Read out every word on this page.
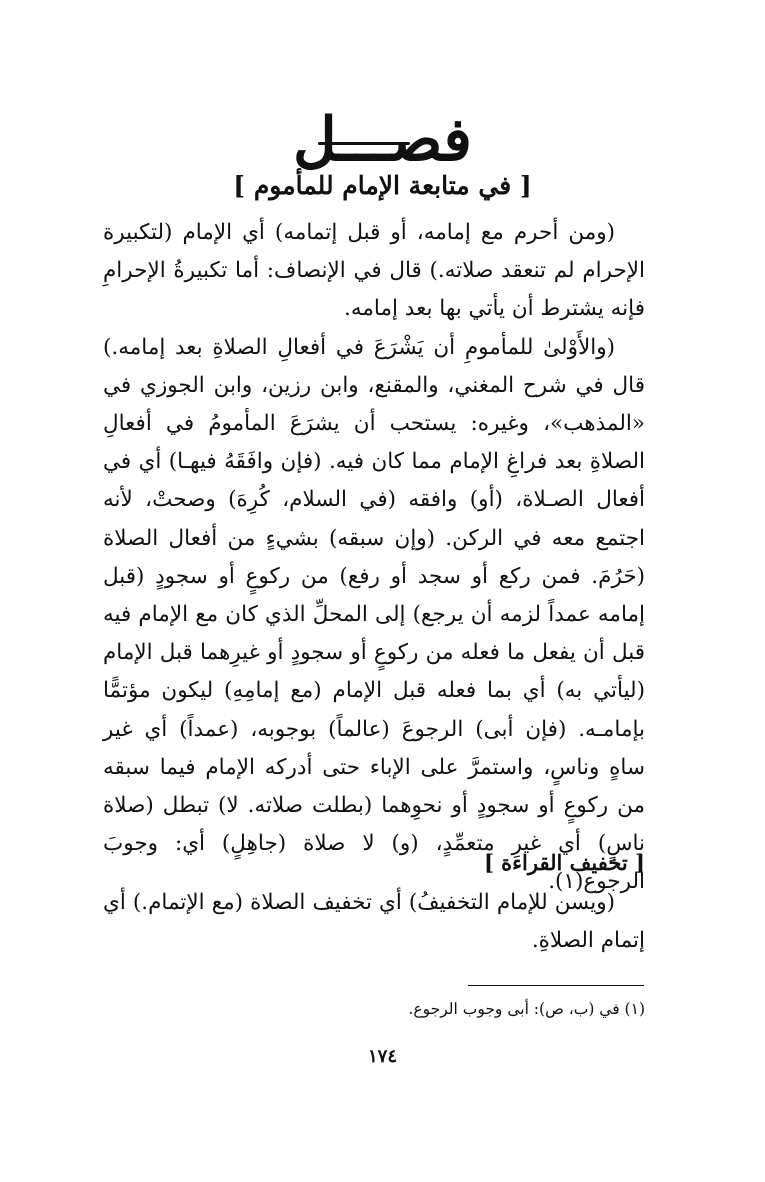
فصـــل
[ في متابعة الإمام للمأموم ]

(ومن أحرم مع إمامه، أو قبل إتمامه) أي الإمام (لتكبيرة الإحرام لم تنعقد صلاته.) قال في الإنصاف: أما تكبيرةُ الإحرامِ فإنه يشترط أن يأتي بها بعد إمامه.

(والأَوْلىٰ للمأمومِ أن يَشْرَعَ في أفعالِ الصلاةِ بعد إمامه.) قال في شرح المغني، والمقنع، وابن رزين، وابن الجوزي في «المذهب»، وغيره: يستحب أن يشرَعَ المأمومُ في أفعالِ الصلاةِ بعد فراغِ الإمام مما كان فيه. (فإن وافَقَهُ فيهـا) أي في أفعال الصـلاة، (أو) وافقه (في السلام، كُرِهَ) وصحتْ، لأنه اجتمع معه في الركن. (وإن سبقه) بشيءٍ من أفعال الصلاة (حَرُمَ. فمن ركع أو سجد أو رفع) من ركوعٍ أو سجودٍ (قبل إمامه عمداً لزمه أن يرجع) إلى المحلِّ الذي كان مع الإمام فيه قبل أن يفعل ما فعله من ركوعٍ أو سجودٍ أو غيرِهما قبل الإمام (ليأتي به) أي بما فعله قبل الإمام (مع إمامِهِ) ليكون مؤتمًّا بإمامـه. (فإن أبى) الرجوعَ (عالماً) بوجوبه، (عمداً) أي غير ساهٍ وناسٍ، واستمرَّ على الإباء حتى أدركه الإمام فيما سبقه من ركوعٍ أو سجودٍ أو نحوِهما (بطلت صلاته. لا) تبطل (صلاة ناسٍ) أي غيرِ متعمِّدٍ، (و) لا صلاة (جاهِلٍ) أي: وجوبَ الرجوع(١).

[ تخفيف القراءة ]

(ويسن للإمام التخفيفُ) أي تخفيف الصلاة (مع الإتمام.) أي إتمام الصلاةِ.

(١) في (ب، ص): أبى وجوب الرجوع.
١٧٤
